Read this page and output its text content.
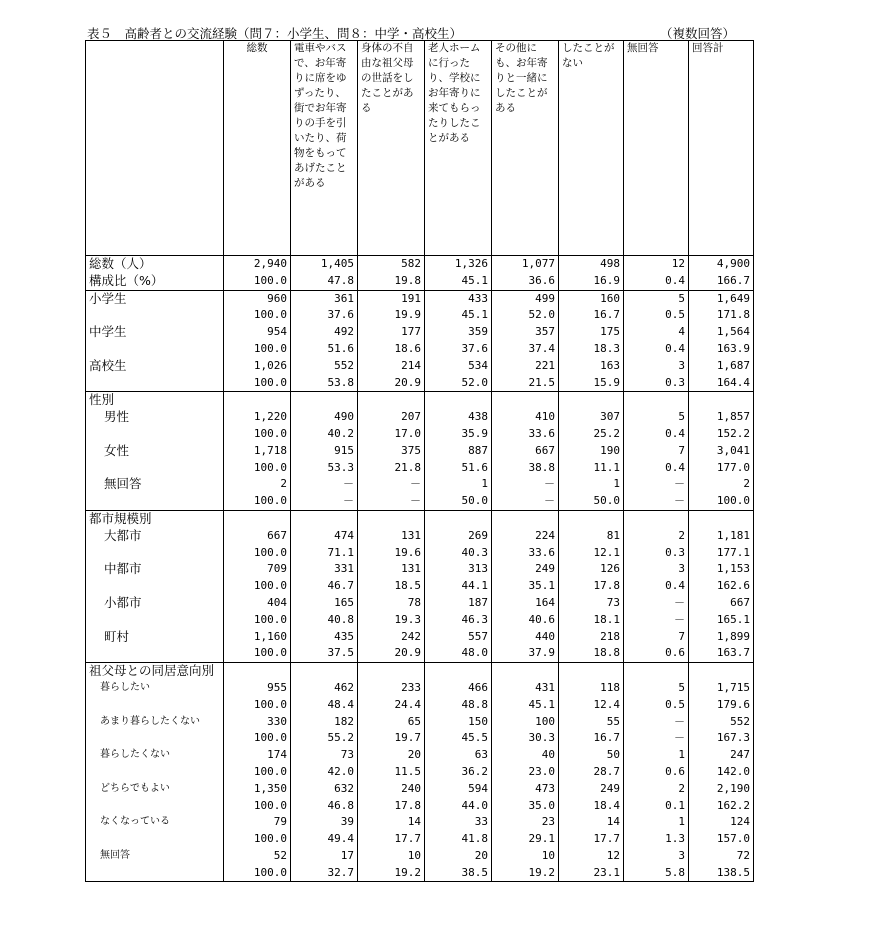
表５　高齢者との交流経験（問７：小学生、問８：中学・高校生）	（複数回答）
	総数	電車やバスで、お年寄りに席をゆずったり、街でお年寄りの手を引いたり、荷物をもってあげたことがある	身体の不自由な祖父母の世話をしたことがある	老人ホームに行ったり、学校にお年寄りに来てもらったりしたことがある	その他にも、お年寄りと一緒にしたことがある	したことがない	無回答	回答計
総数（人）	2,940	1,405	582	1,326	1,077	498	12	4,900
構成比（%）	100.0	47.8	19.8	45.1	36.6	16.9	0.4	166.7
小学生	960	361	191	433	499	160	5	1,649
	100.0	37.6	19.9	45.1	52.0	16.7	0.5	171.8
中学生	954	492	177	359	357	175	4	1,564
	100.0	51.6	18.6	37.6	37.4	18.3	0.4	163.9
高校生	1,026	552	214	534	221	163	3	1,687
	100.0	53.8	20.9	52.0	21.5	15.9	0.3	164.4
性別								
男性	1,220	490	207	438	410	307	5	1,857
	100.0	40.2	17.0	35.9	33.6	25.2	0.4	152.2
女性	1,718	915	375	887	667	190	7	3,041
	100.0	53.3	21.8	51.6	38.8	11.1	0.4	177.0
無回答	2	－	－	1	－	1	－	2
	100.0	－	－	50.0	－	50.0	－	100.0
都市規模別								
大都市	667	474	131	269	224	81	2	1,181
	100.0	71.1	19.6	40.3	33.6	12.1	0.3	177.1
中都市	709	331	131	313	249	126	3	1,153
	100.0	46.7	18.5	44.1	35.1	17.8	0.4	162.6
小都市	404	165	78	187	164	73	－	667
	100.0	40.8	19.3	46.3	40.6	18.1	－	165.1
町村	1,160	435	242	557	440	218	7	1,899
	100.0	37.5	20.9	48.0	37.9	18.8	0.6	163.7
祖父母との同居意向別								
暮らしたい	955	462	233	466	431	118	5	1,715
	100.0	48.4	24.4	48.8	45.1	12.4	0.5	179.6
あまり暮らしたくない	330	182	65	150	100	55	－	552
	100.0	55.2	19.7	45.5	30.3	16.7	－	167.3
暮らしたくない	174	73	20	63	40	50	1	247
	100.0	42.0	11.5	36.2	23.0	28.7	0.6	142.0
どちらでもよい	1,350	632	240	594	473	249	2	2,190
	100.0	46.8	17.8	44.0	35.0	18.4	0.1	162.2
なくなっている	79	39	14	33	23	14	1	124
	100.0	49.4	17.7	41.8	29.1	17.7	1.3	157.0
無回答	52	17	10	20	10	12	3	72
	100.0	32.7	19.2	38.5	19.2	23.1	5.8	138.5
